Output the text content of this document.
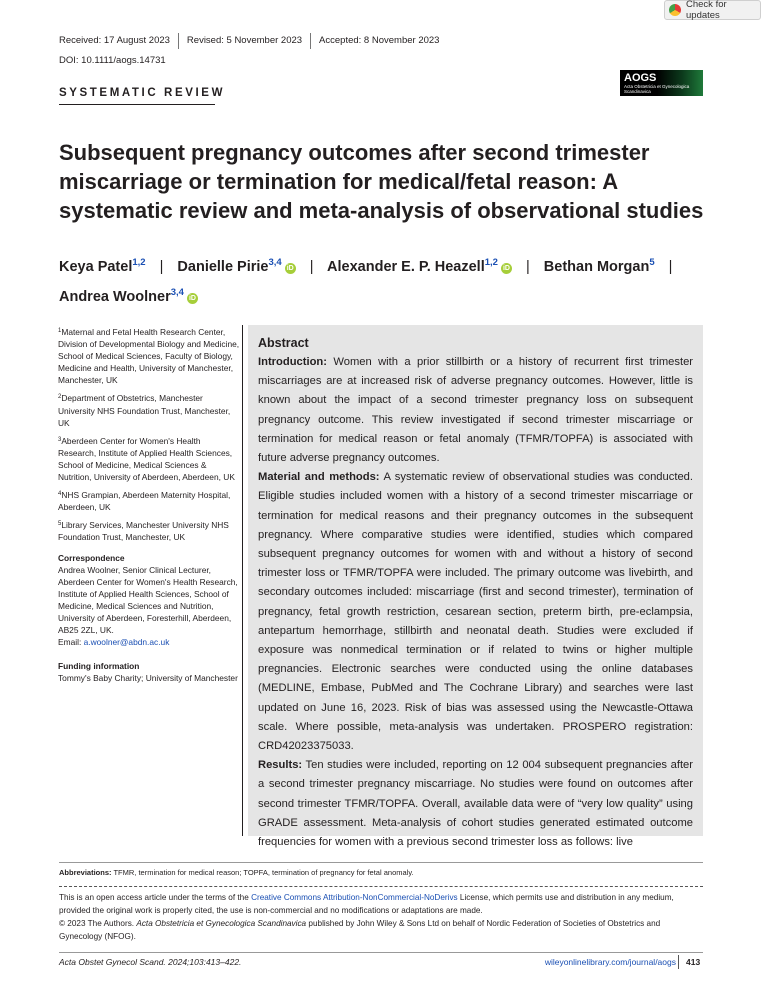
Check for updates
Received: 17 August 2023	Revised: 5 November 2023	Accepted: 8 November 2023
DOI: 10.1111/aogs.14731
SYSTEMATIC REVIEW
AOGS
Acta Obstetricia et Gynecologica Scandinavica
Subsequent pregnancy outcomes after second trimester miscarriage or termination for medical/fetal reason: A systematic review and meta-analysis of observational studies
Keya Patel$^{1,2}$ | Danielle Pirie$^{3,4}$iD | Alexander E. P. Heazell$^{1,2}$iD | Bethan Morgan$^5$ |
Andrea Woolner$^{3,4}$iD
$^1$Maternal and Fetal Health Research Center, Division of Developmental Biology and Medicine, School of Medical Sciences, Faculty of Biology, Medicine and Health, University of Manchester, Manchester, UK
$^2$Department of Obstetrics, Manchester University NHS Foundation Trust, Manchester, UK
$^3$Aberdeen Center for Women's Health Research, Institute of Applied Health Sciences, School of Medicine, Medical Sciences & Nutrition, University of Aberdeen, Aberdeen, UK
$^4$NHS Grampian, Aberdeen Maternity Hospital, Aberdeen, UK
$^5$Library Services, Manchester University NHS Foundation Trust, Manchester, UK
Correspondence
Andrea Woolner, Senior Clinical Lecturer, Aberdeen Center for Women's Health Research, Institute of Applied Health Sciences, School of Medicine, Medical Sciences and Nutrition, University of Aberdeen, Foresterhill, Aberdeen, AB25 2ZL, UK.
Email: a.woolner@abdn.ac.uk
Funding information
Tommy's Baby Charity; University of Manchester
Abstract

Introduction: Women with a prior stillbirth or a history of recurrent first trimester miscarriages are at increased risk of adverse pregnancy outcomes. However, little is known about the impact of a second trimester pregnancy loss on subsequent pregnancy outcome. This review investigated if second trimester miscarriage or termination for medical reason or fetal anomaly (TFMR/TOPFA) is associated with future adverse pregnancy outcomes.

Material and methods: A systematic review of observational studies was conducted. Eligible studies included women with a history of a second trimester miscarriage or termination for medical reasons and their pregnancy outcomes in the subsequent pregnancy. Where comparative studies were identified, studies which compared subsequent pregnancy outcomes for women with and without a history of second trimester loss or TFMR/TOPFA were included. The primary outcome was livebirth, and secondary outcomes included: miscarriage (first and second trimester), termination of pregnancy, fetal growth restriction, cesarean section, preterm birth, pre-eclampsia, antepartum hemorrhage, stillbirth and neonatal death. Studies were excluded if exposure was nonmedical termination or if related to twins or higher multiple pregnancies. Electronic searches were conducted using the online databases (MEDLINE, Embase, PubMed and The Cochrane Library) and searches were last updated on June 16, 2023. Risk of bias was assessed using the Newcastle-Ottawa scale. Where possible, meta-analysis was undertaken. PROSPERO registration: CRD42023375033.

Results: Ten studies were included, reporting on 12 004 subsequent pregnancies after a second trimester pregnancy miscarriage. No studies were found on outcomes after second trimester TFMR/TOPFA. Overall, available data were of “very low quality” using GRADE assessment. Meta-analysis of cohort studies generated estimated outcome frequencies for women with a previous second trimester loss as follows: live

Abbreviations: TFMR, termination for medical reason; TOPFA, termination of pregnancy for fetal anomaly.
This is an open access article under the terms of the Creative Commons Attribution-NonCommercial-NoDerivs License, which permits use and distribution in any medium, provided the original work is properly cited, the use is non-commercial and no modifications or adaptations are made.
© 2023 The Authors. Acta Obstetricia et Gynecologica Scandinavica published by John Wiley & Sons Ltd on behalf of Nordic Federation of Societies of Obstetrics and Gynecology (NFOG).
Acta Obstet Gynecol Scand. 2024;103:413–422.	wileyonlinelibrary.com/journal/aogs 413
